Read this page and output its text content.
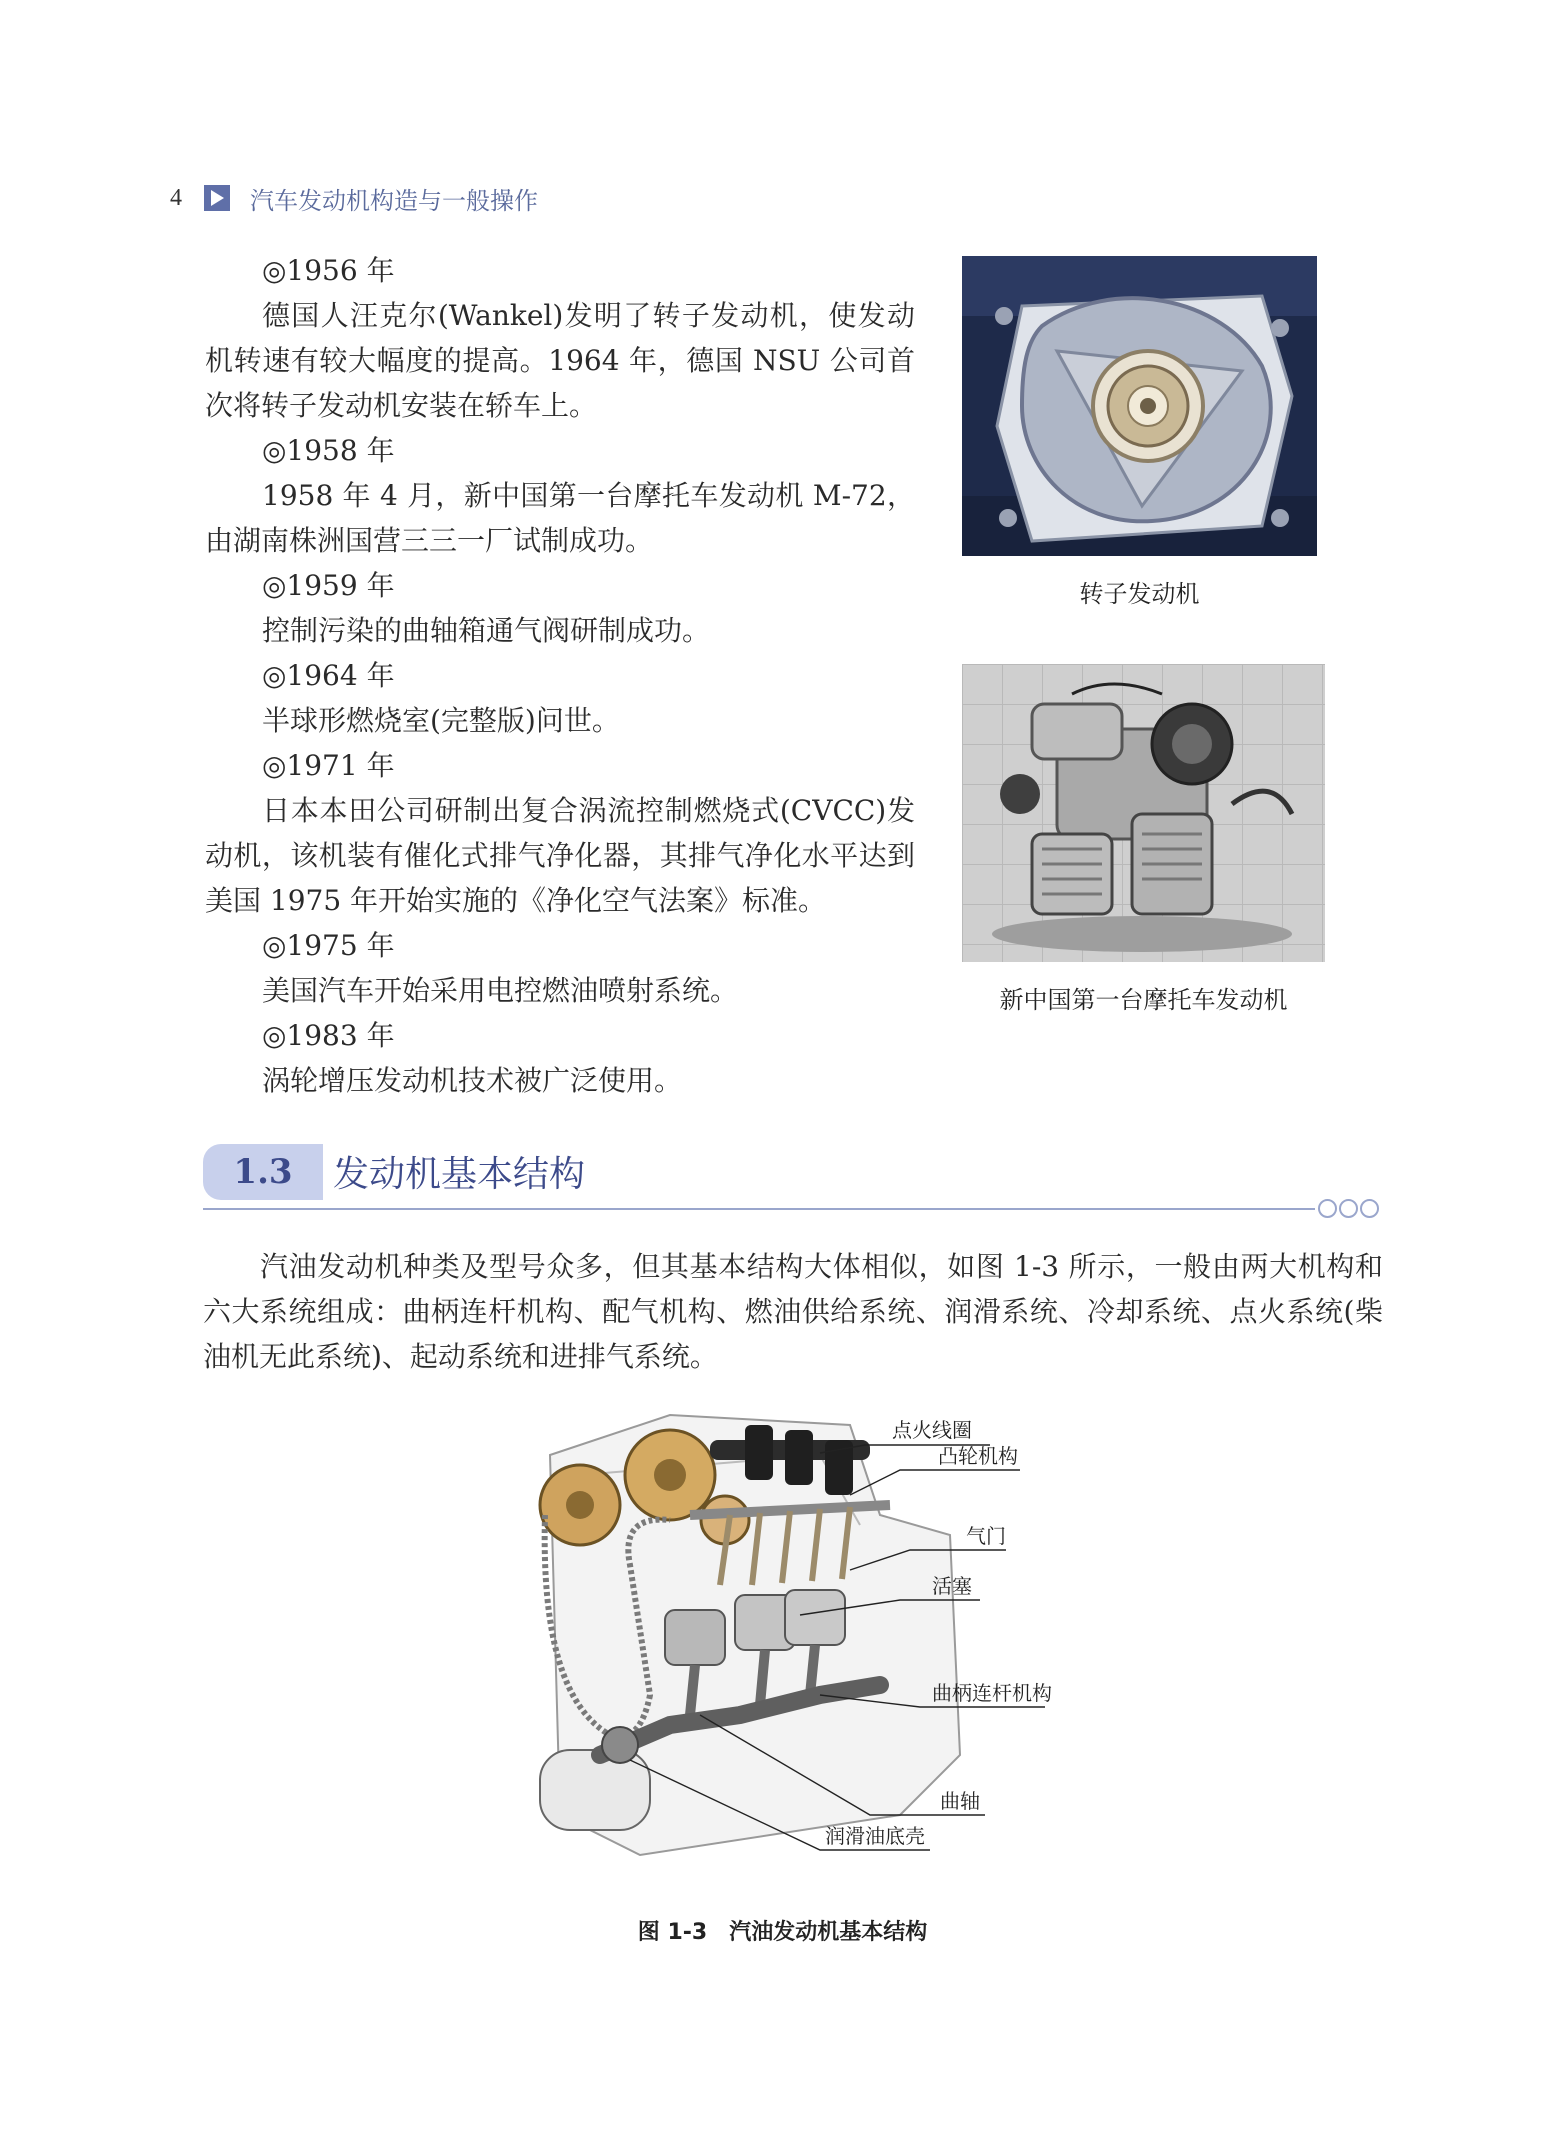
4	汽车发动机构造与一般操作
◎1956 年
德国人汪克尔(Wankel)发明了转子发动机，使发动机转速有较大幅度的提高。1964 年，德国 NSU 公司首次将转子发动机安装在轿车上。
◎1958 年
1958 年 4 月，新中国第一台摩托车发动机 M-72，由湖南株洲国营三三一厂试制成功。
◎1959 年
控制污染的曲轴箱通气阀研制成功。
◎1964 年
半球形燃烧室(完整版)问世。
◎1971 年
日本本田公司研制出复合涡流控制燃烧式(CVCC)发动机，该机装有催化式排气净化器，其排气净化水平达到美国 1975 年开始实施的《净化空气法案》标准。
◎1975 年
美国汽车开始采用电控燃油喷射系统。
◎1983 年
涡轮增压发动机技术被广泛使用。
转子发动机
新中国第一台摩托车发动机
1.3	发动机基本结构
汽油发动机种类及型号众多，但其基本结构大体相似，如图 1-3 所示，一般由两大机构和六大系统组成：曲柄连杆机构、配气机构、燃油供给系统、润滑系统、冷却系统、点火系统(柴油机无此系统)、起动系统和进排气系统。
点火线圈
凸轮机构
气门
活塞
曲柄连杆机构
曲轴
润滑油底壳
图 1-3　汽油发动机基本结构
